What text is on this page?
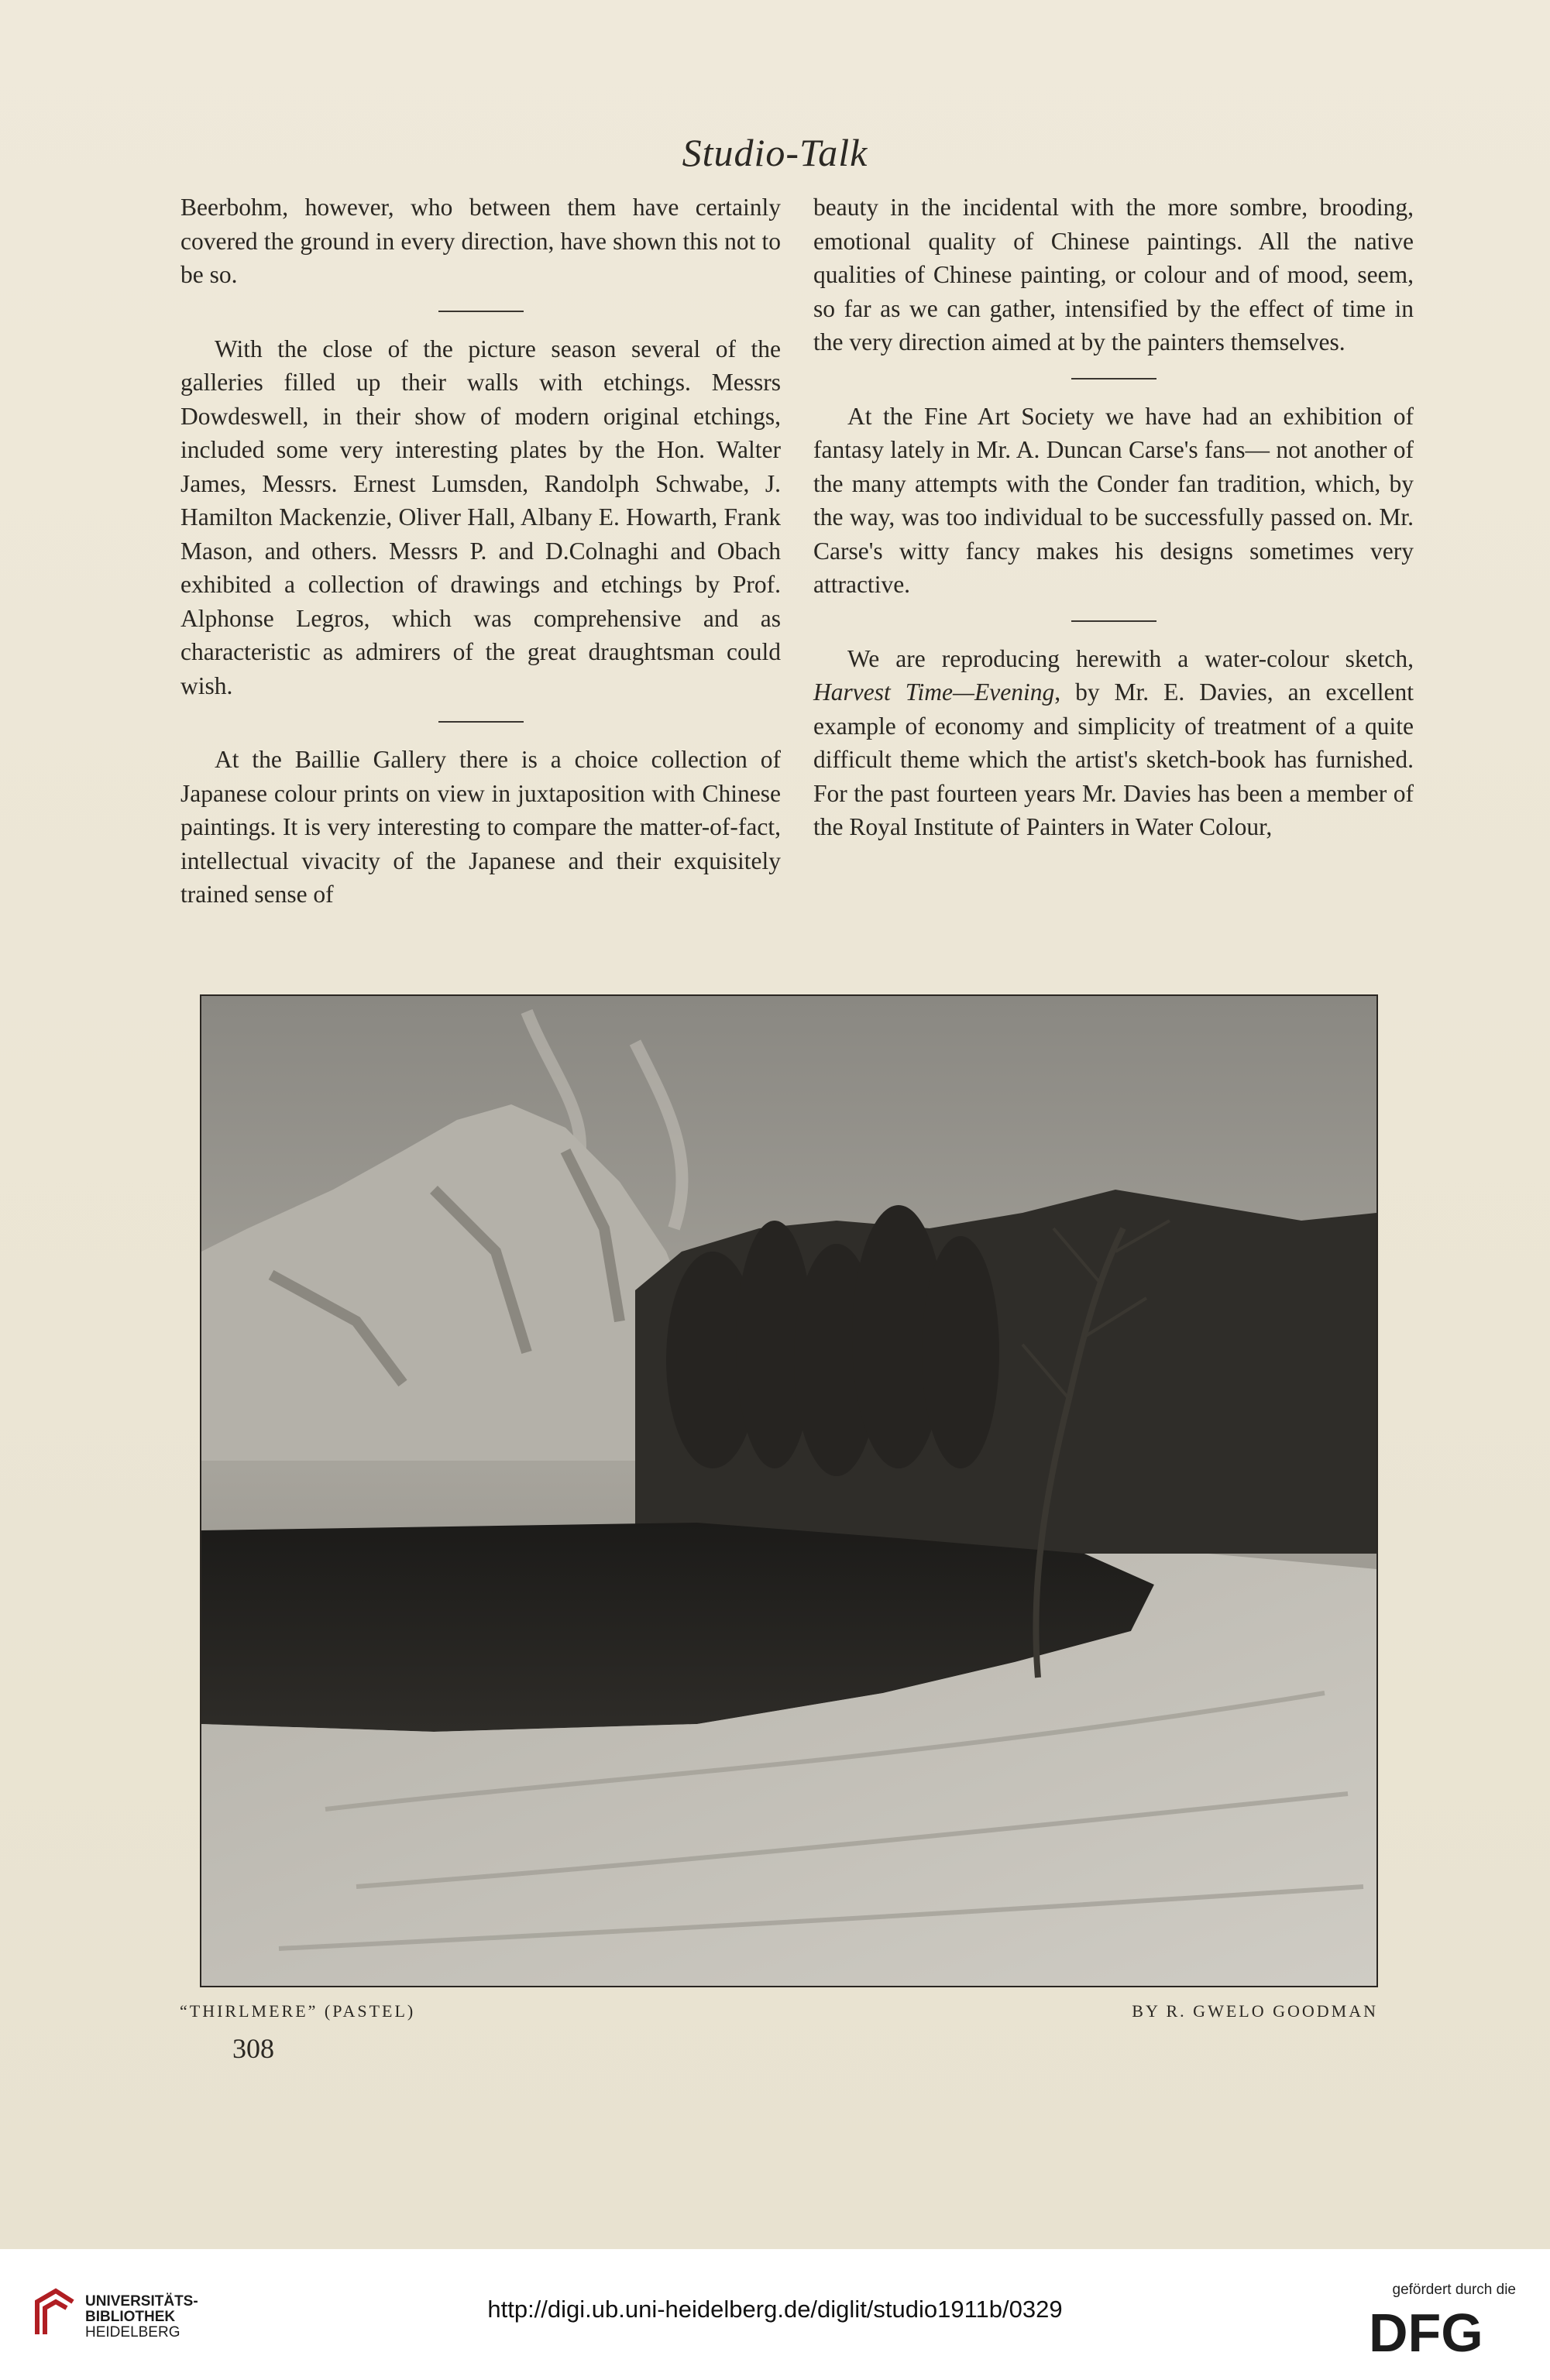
Studio-Talk

Beerbohm, however, who between them have certainly covered the ground in every direction, have shown this not to be so.

With the close of the picture season several of the galleries filled up their walls with etchings. Messrs Dowdeswell, in their show of modern original etchings, included some very interesting plates by the Hon. Walter James, Messrs. Ernest Lumsden, Randolph Schwabe, J. Hamilton Mackenzie, Oliver Hall, Albany E. Howarth, Frank Mason, and others. Messrs P. and D.Colnaghi and Obach exhibited a collection of drawings and etchings by Prof. Alphonse Legros, which was comprehensive and as characteristic as admirers of the great draughtsman could wish.

At the Baillie Gallery there is a choice collection of Japanese colour prints on view in juxtaposition with Chinese paintings. It is very interesting to compare the matter-of-fact, intellectual vivacity of the Japanese and their exquisitely trained sense of

beauty in the incidental with the more sombre, brooding, emotional quality of Chinese paintings. All the native qualities of Chinese painting, or colour and of mood, seem, so far as we can gather, intensified by the effect of time in the very direction aimed at by the painters themselves.

At the Fine Art Society we have had an exhibition of fantasy lately in Mr. A. Duncan Carse's fans— not another of the many attempts with the Conder fan tradition, which, by the way, was too individual to be successfully passed on. Mr. Carse's witty fancy makes his designs sometimes very attractive.

We are reproducing herewith a water-colour sketch, Harvest Time—Evening, by Mr. E. Davies, an excellent example of economy and simplicity of treatment of a quite difficult theme which the artist's sketch-book has furnished. For the past fourteen years Mr. Davies has been a member of the Royal Institute of Painters in Water Colour,

“THIRLMERE” (PASTEL)	BY R. GWELO GOODMAN
308
UNIVERSITÄTS-
BIBLIOTHEK
HEIDELBERG
http://digi.ub.uni-heidelberg.de/diglit/studio1911b/0329
gefördert durch die
DFG
